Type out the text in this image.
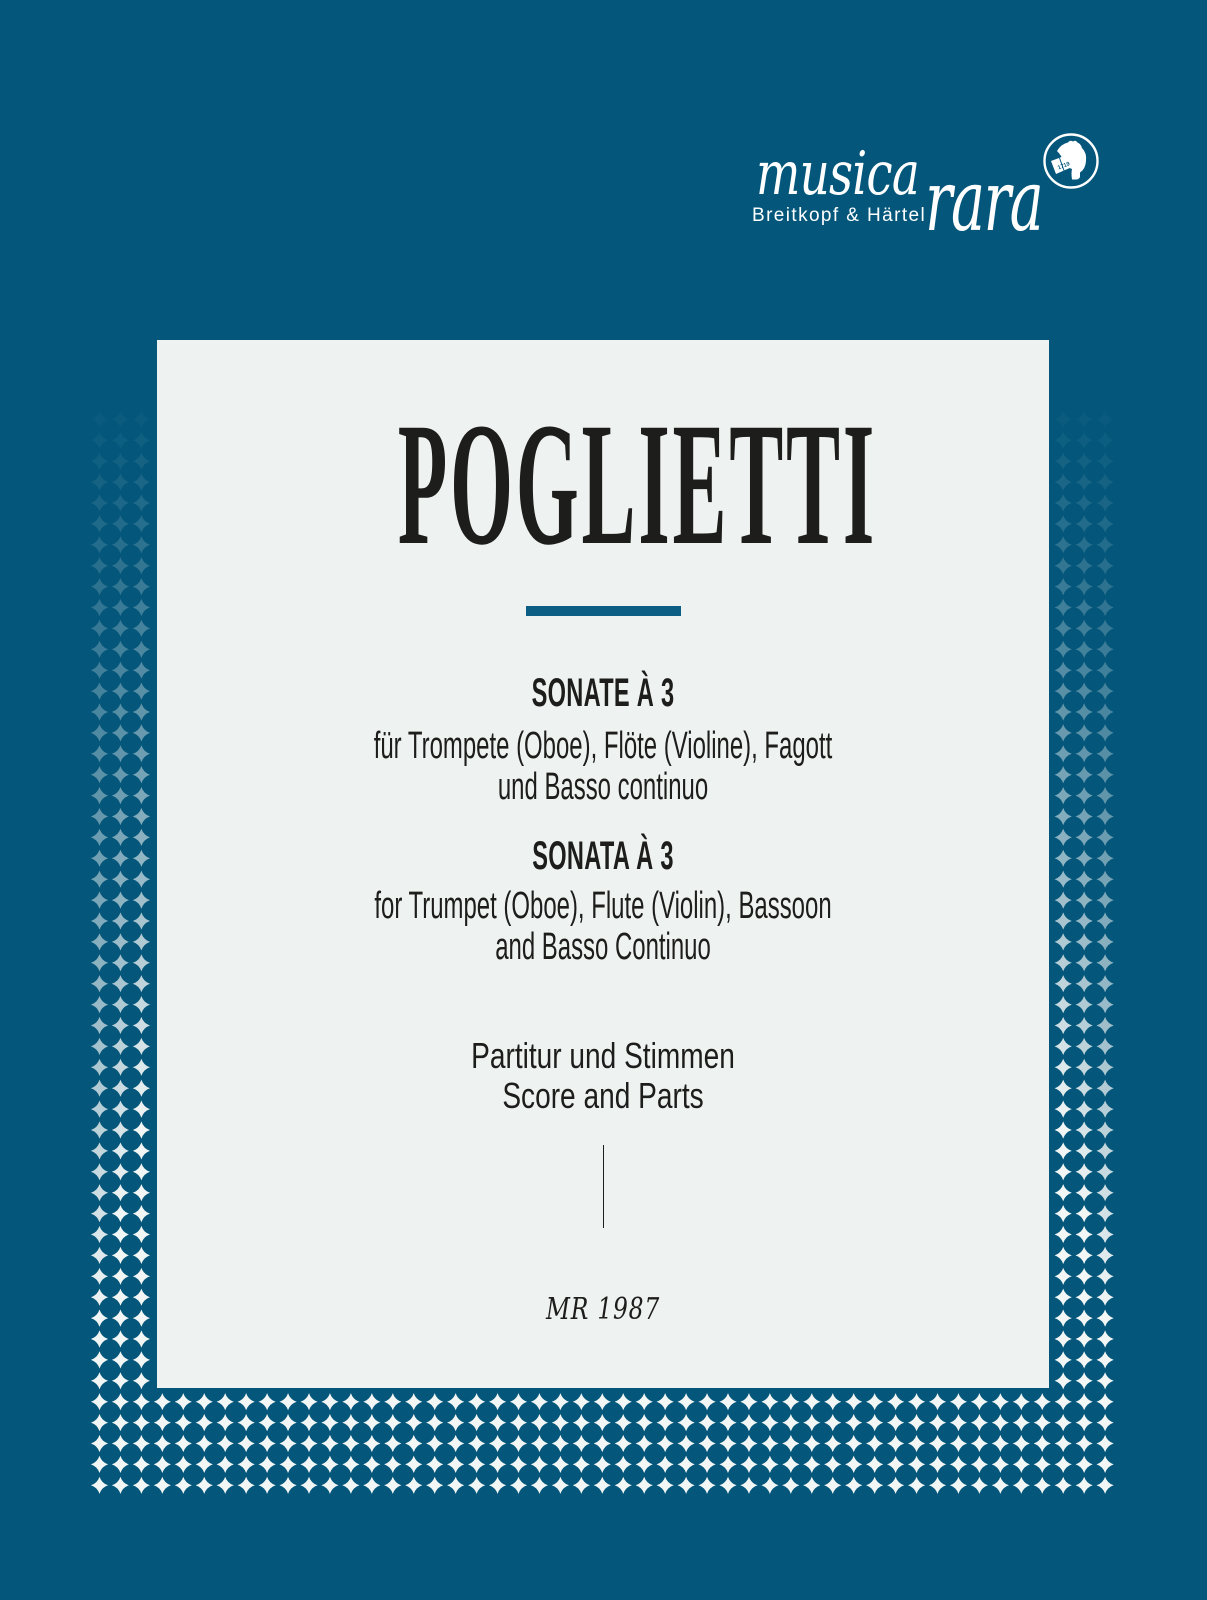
musica rara
Breitkopf & Härtel
1719
POGLIETTI
SONATE À 3

für Trompete (Oboe), Flöte (Violine), Fagott
und Basso continuo

SONATA À 3

for Trumpet (Oboe), Flute (Violin), Bassoon
and Basso Continuo

Partitur und Stimmen
Score and Parts

MR 1987
